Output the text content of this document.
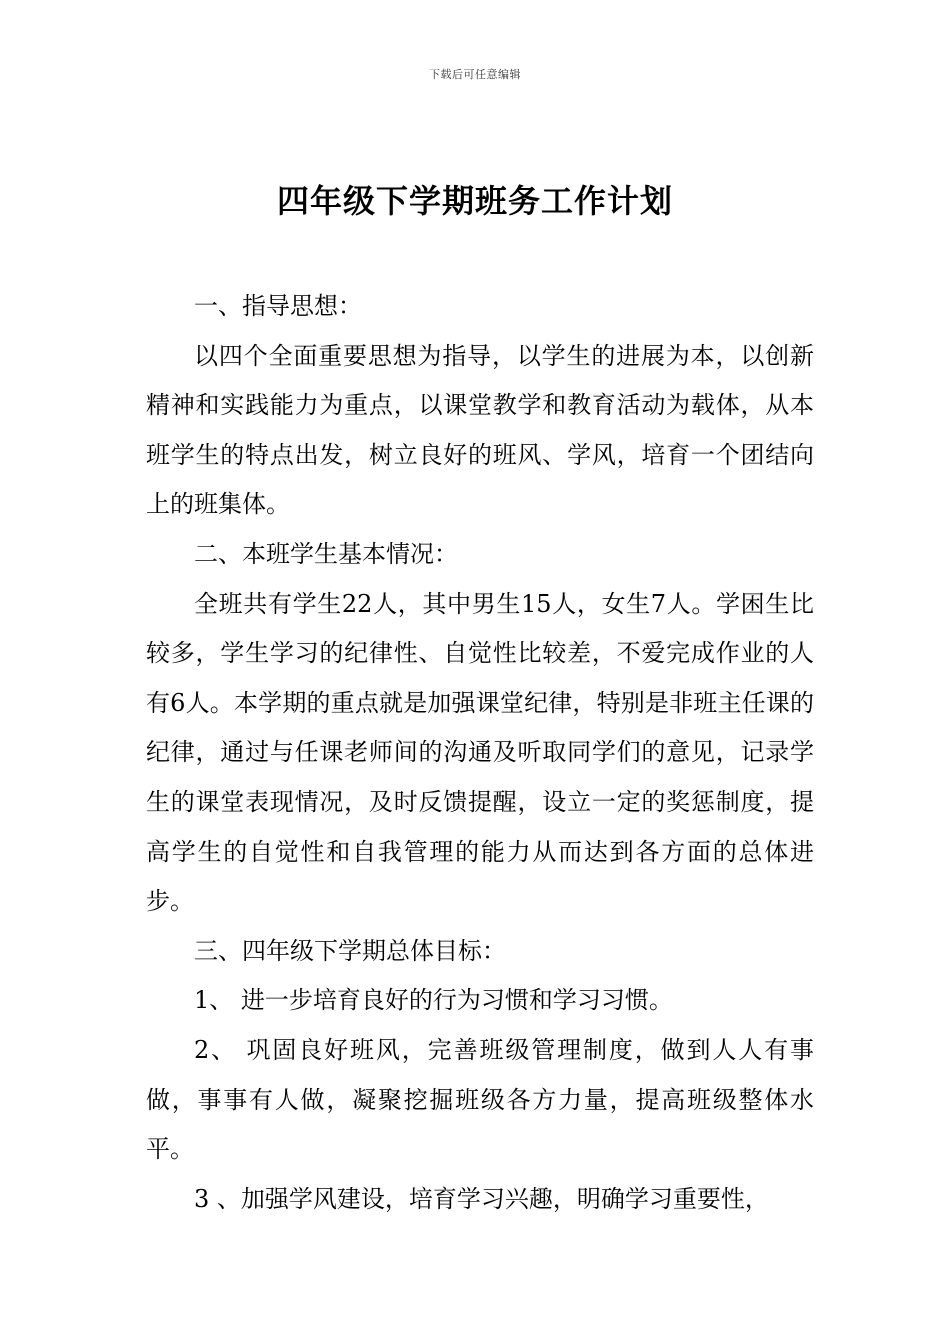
下载后可任意编辑
四年级下学期班务工作计划

一、指导思想：

以四个全面重要思想为指导，以学生的进展为本，以创新精神和实践能力为重点，以课堂教学和教育活动为载体，从本班学生的特点出发，树立良好的班风、学风，培育一个团结向上的班集体。

二、本班学生基本情况：

全班共有学生22人，其中男生15人，女生7人。学困生比较多，学生学习的纪律性、自觉性比较差，不爱完成作业的人有6人。本学期的重点就是加强课堂纪律，特别是非班主任课的纪律，通过与任课老师间的沟通及听取同学们的意见，记录学生的课堂表现情况，及时反馈提醒，设立一定的奖惩制度，提高学生的自觉性和自我管理的能力从而达到各方面的总体进步。

三、四年级下学期总体目标：

1、 进一步培育良好的行为习惯和学习习惯。

2、 巩固良好班风，完善班级管理制度，做到人人有事做，事事有人做，凝聚挖掘班级各方力量，提高班级整体水平。

3 、加强学风建设，培育学习兴趣，明确学习重要性，
